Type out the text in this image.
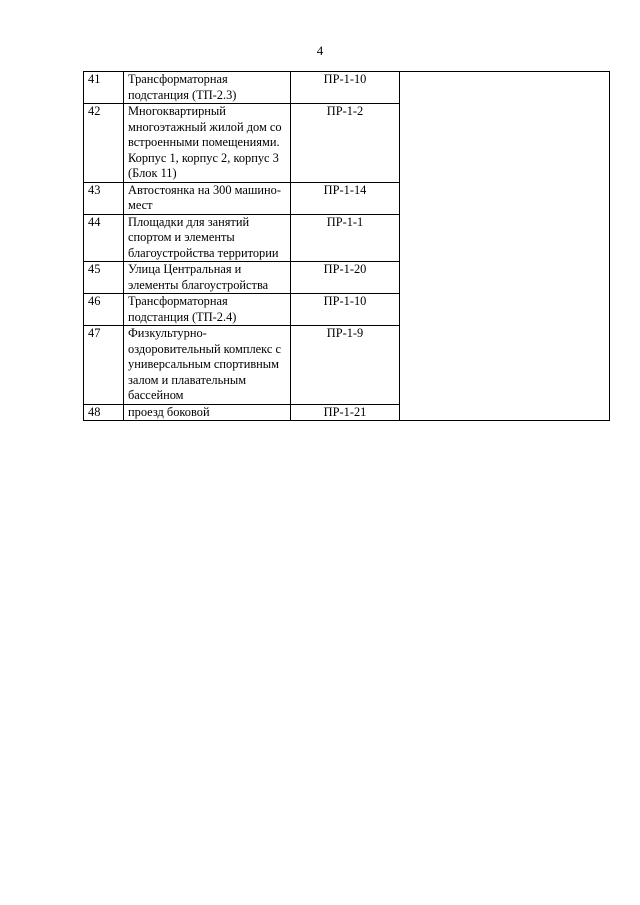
4
41	Трансформаторная
подстанция (ТП-2.3)	ПР-1-10	
42	Многоквартирный
многоэтажный жилой дом со
встроенными помещениями.
Корпус 1, корпус 2, корпус 3
(Блок 11)	ПР-1-2	
43	Автостоянка на 300 машино-
мест	ПР-1-14	
44	Площадки для занятий
спортом и элементы
благоустройства территории	ПР-1-1	
45	Улица Центральная и
элементы благоустройства	ПР-1-20	
46	Трансформаторная
подстанция (ТП-2.4)	ПР-1-10	
47	Физкультурно-
оздоровительный комплекс с
универсальным спортивным
залом и плавательным
бассейном	ПР-1-9	
48	проезд боковой	ПР-1-21	
